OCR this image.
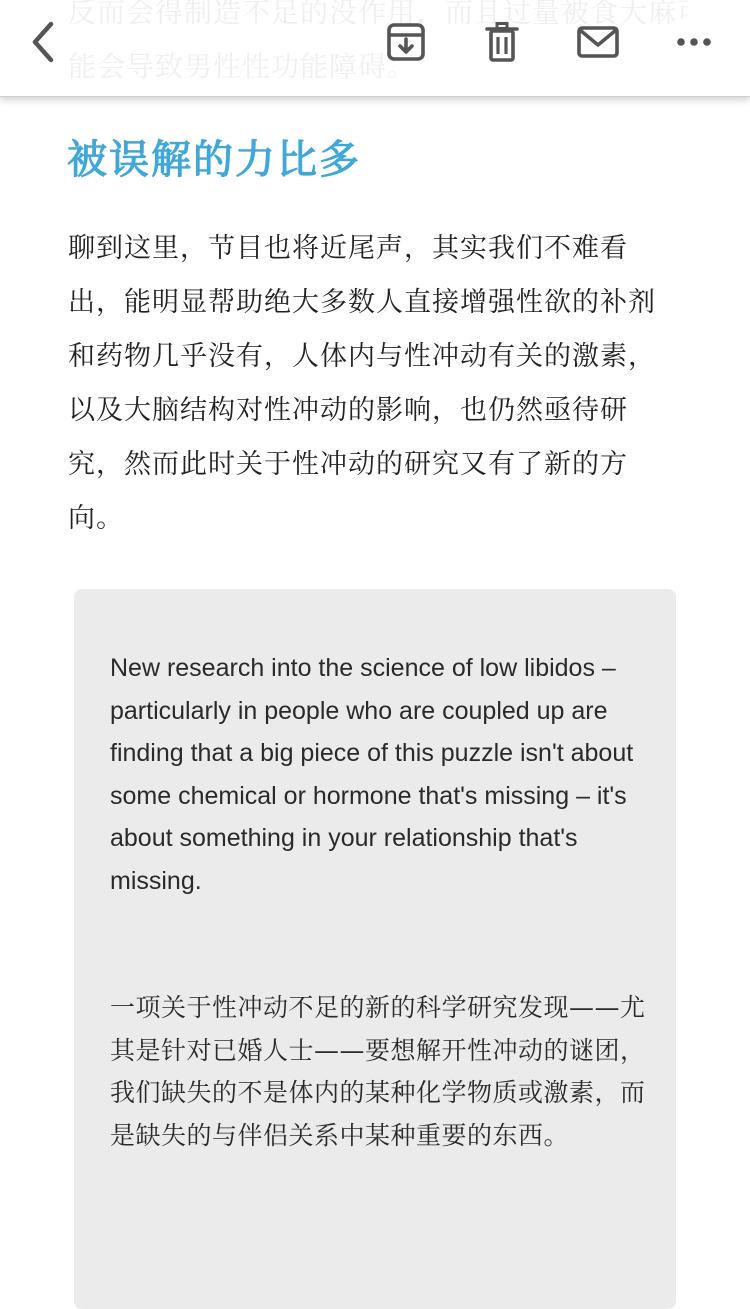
被误解的力比多

聊到这里，节目也将近尾声，其实我们不难看出，能明显帮助绝大多数人直接增强性欲的补剂和药物几乎没有，人体内与性冲动有关的激素，以及大脑结构对性冲动的影响，也仍然亟待研究，然而此时关于性冲动的研究又有了新的方向。

New research into the science of low libidos – particularly in people who are coupled up are finding that a big piece of this puzzle isn't about some chemical or hormone that's missing – it's about something in your relationship that's missing.

一项关于性冲动不足的新的科学研究发现——尤其是针对已婚人士——要想解开性冲动的谜团，我们缺失的不是体内的某种化学物质或激素，而是缺失的与伴侣关系中某种重要的东西。
